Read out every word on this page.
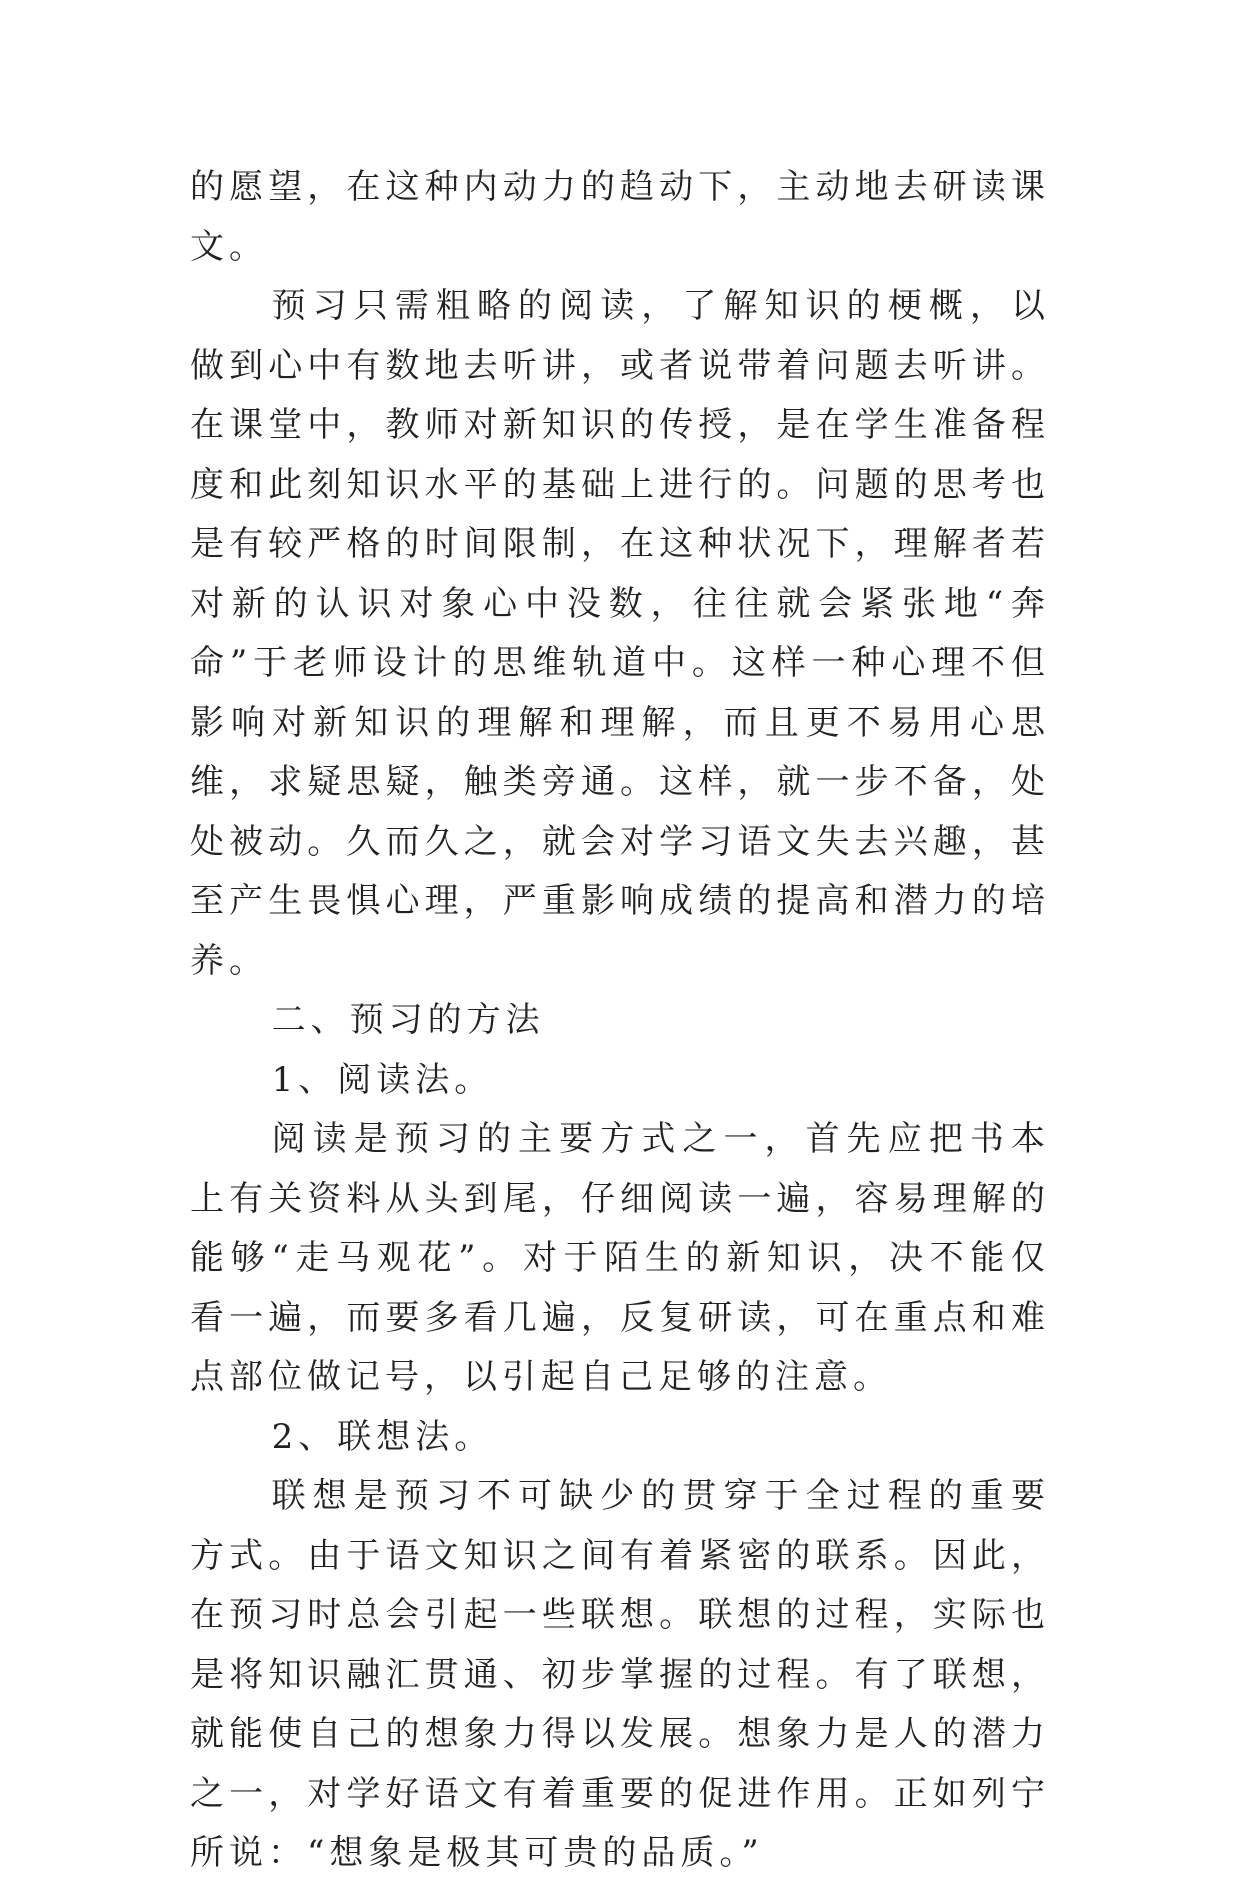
的愿望，在这种内动力的趋动下，主动地去研读课文。

预习只需粗略的阅读，了解知识的梗概，以做到心中有数地去听讲，或者说带着问题去听讲。在课堂中，教师对新知识的传授，是在学生准备程度和此刻知识水平的基础上进行的。问题的思考也是有较严格的时间限制，在这种状况下，理解者若对新的认识对象心中没数，往往就会紧张地“奔命”于老师设计的思维轨道中。这样一种心理不但影响对新知识的理解和理解，而且更不易用心思维，求疑思疑，触类旁通。这样，就一步不备，处处被动。久而久之，就会对学习语文失去兴趣，甚至产生畏惧心理，严重影响成绩的提高和潜力的培养。

二、预习的方法

1、阅读法。

阅读是预习的主要方式之一，首先应把书本上有关资料从头到尾，仔细阅读一遍，容易理解的能够“走马观花”。对于陌生的新知识，决不能仅看一遍，而要多看几遍，反复研读，可在重点和难点部位做记号，以引起自己足够的注意。

2、联想法。

联想是预习不可缺少的贯穿于全过程的重要方式。由于语文知识之间有着紧密的联系。因此，在预习时总会引起一些联想。联想的过程，实际也是将知识融汇贯通、初步掌握的过程。有了联想，就能使自己的想象力得以发展。想象力是人的潜力之一，对学好语文有着重要的促进作用。正如列宁所说：“想象是极其可贵的品质。”
